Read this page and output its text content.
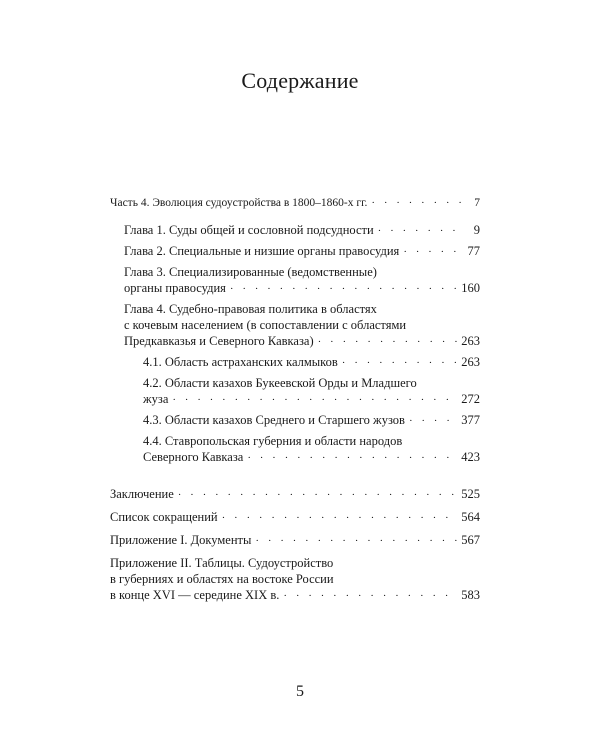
Содержание
Часть 4. Эволюция судоустройства в 1800–1860-х гг. · · ·	7
Глава 1. Суды общей и сословной подсудности · · ·	9
Глава 2. Специальные и низшие органы правосудия · · ·	77
Глава 3. Специализированные (ведомственные)
органы правосудия · · ·	160
Глава 4. Судебно-правовая политика в областях
с кочевым населением (в сопоставлении с областями
Предкавказья и Северного Кавказа) · · ·	263
4.1. Область астраханских калмыков · · ·	263
4.2. Области казахов Букеевской Орды и Младшего
жуза · · ·	272
4.3. Области казахов Среднего и Старшего жузов · · ·	377
4.4. Ставропольская губерния и области народов
Северного Кавказа · · ·	423
Заключение · · ·	525
Список сокращений · · ·	564
Приложение I. Документы · · ·	567
Приложение II. Таблицы. Судоустройство
в губерниях и областях на востоке России
в конце XVI — середине XIX в. · · ·	583
5
